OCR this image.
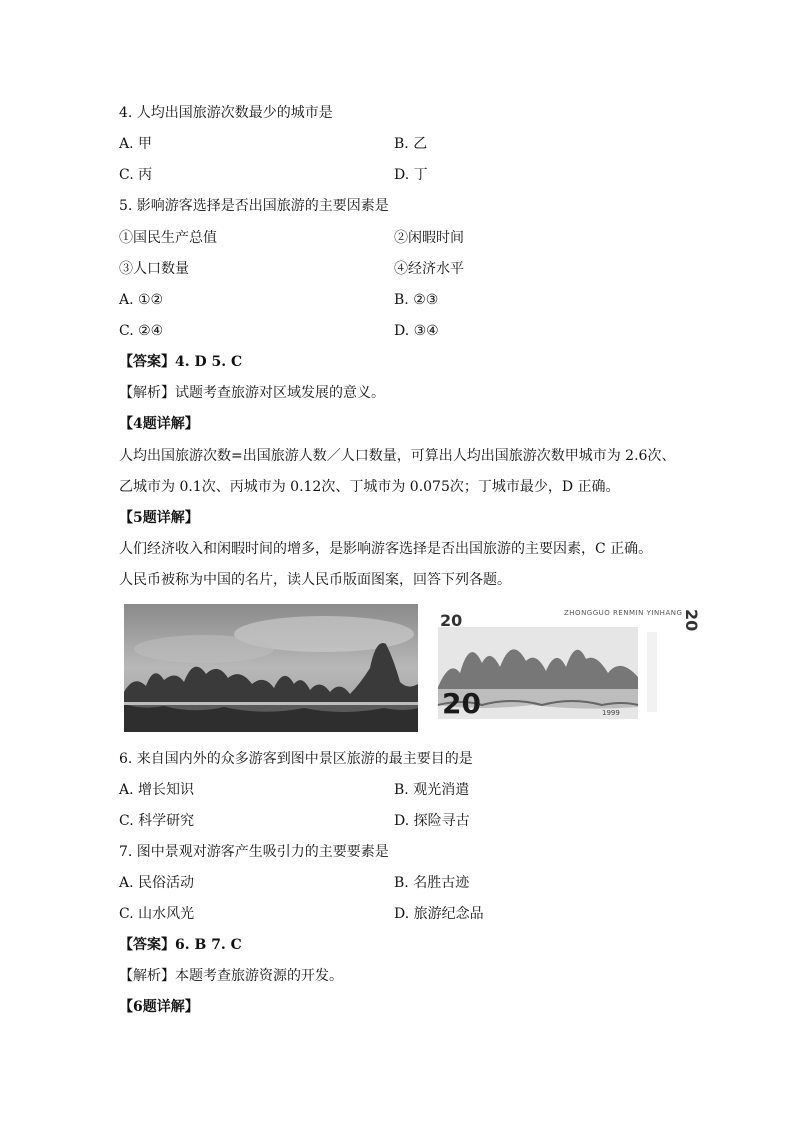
4. 人均出国旅游次数最少的城市是
A. 甲	B. 乙
C. 丙	D. 丁
5. 影响游客选择是否出国旅游的主要因素是
①国民生产总值	②闲暇时间
③人口数量	④经济水平
A. ①②	B. ②③
C. ②④	D. ③④
【答案】4. D 5. C
【解析】试题考查旅游对区域发展的意义。
【4题详解】
人均出国旅游次数=出国旅游人数／人口数量，可算出人均出国旅游次数甲城市为 2.6次、
乙城市为 0.1次、丙城市为 0.12次、丁城市为 0.075次；丁城市最少，D 正确。
【5题详解】
人们经济收入和闲暇时间的增多，是影响游客选择是否出国旅游的主要因素，C 正确。
人民币被称为中国的名片，读人民币版面图案，回答下列各题。
20	ZHONGGUO RENMIN YINHANG
20
20
1999
6. 来自国内外的众多游客到图中景区旅游的最主要目的是
A. 增长知识	B. 观光消遣
C. 科学研究	D. 探险寻古
7. 图中景观对游客产生吸引力的主要要素是
A. 民俗活动	B. 名胜古迹
C. 山水风光	D. 旅游纪念品
【答案】6. B 7. C
【解析】本题考查旅游资源的开发。
【6题详解】
